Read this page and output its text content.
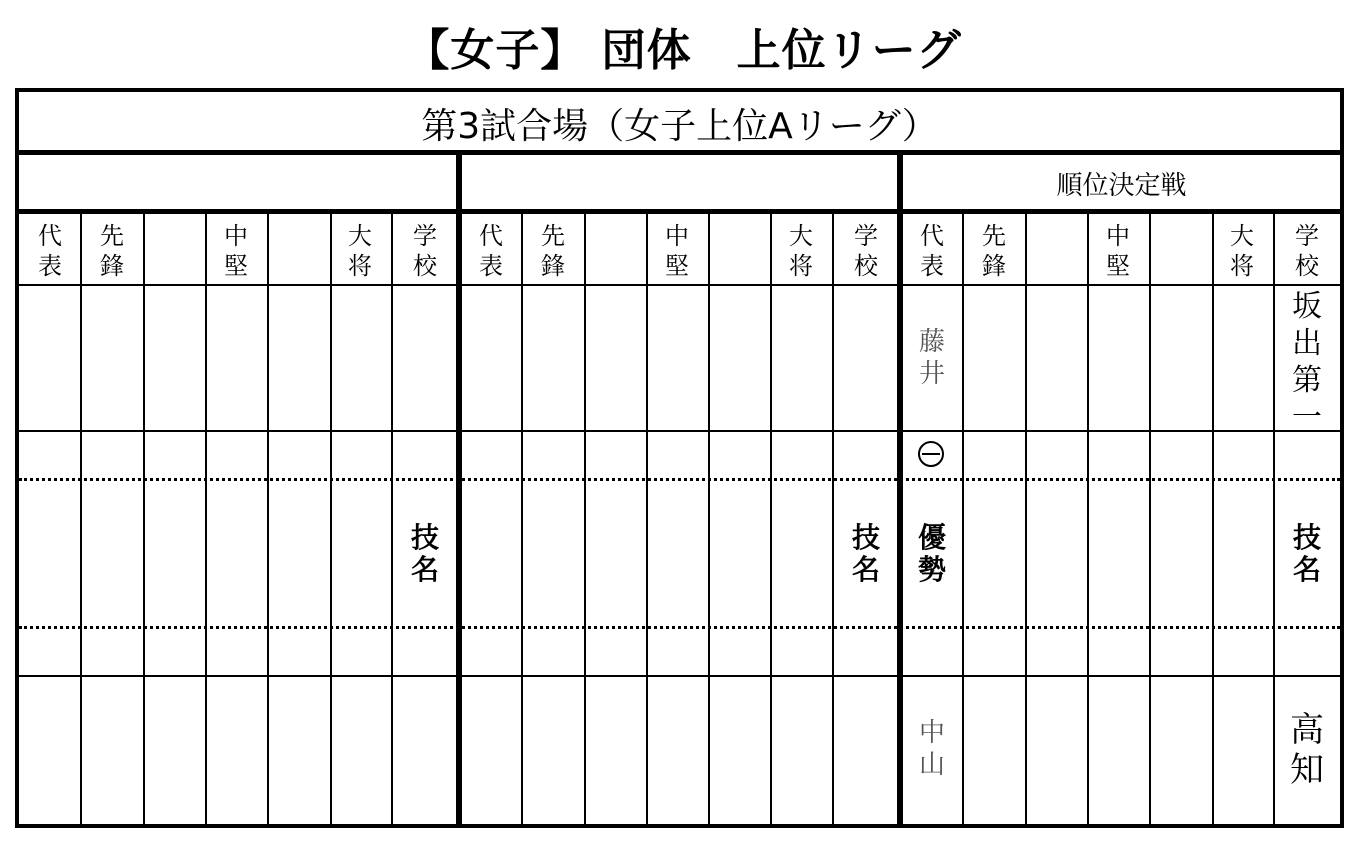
【女子】 団体　上位リーグ
第3試合場（女子上位Aリーグ）
順位決定戦
代
表
先
鋒
中
堅
大
将
学
校
代
表
先
鋒
中
堅
大
将
学
校
代
表
先
鋒
中
堅
大
将
学
校
技
名
技
名
技
名
坂
出
第
一
藤
井
優
勢
中
山
高
知
